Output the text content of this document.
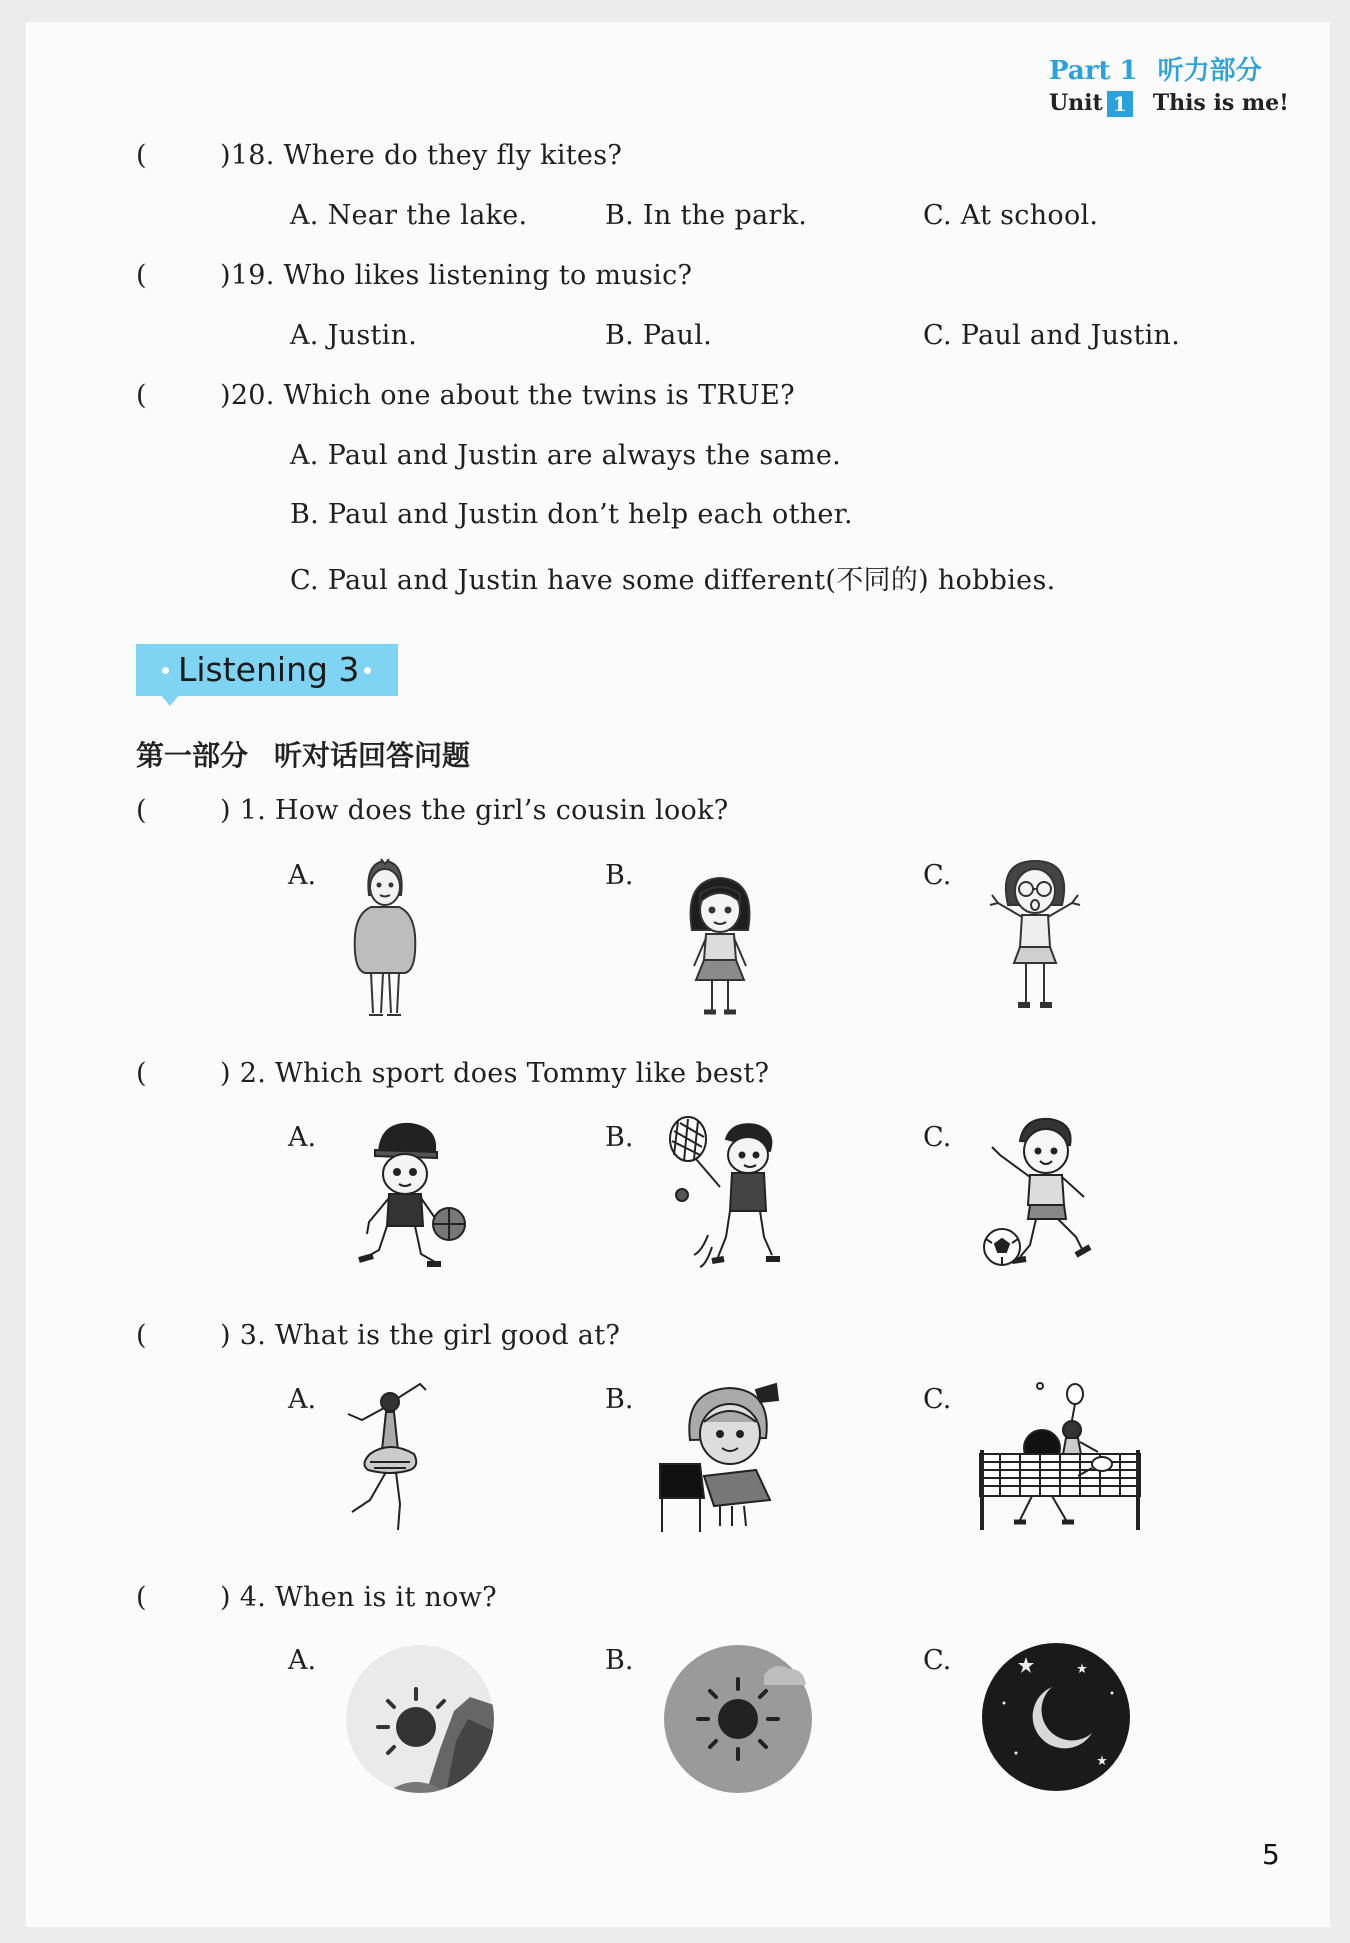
Part 1 听力部分
Unit 1 This is me!
(	)18. Where do they fly kites?
A. Near the lake.	B. In the park.	C. At school.
(	)19. Who likes listening to music?
A. Justin.	B. Paul.	C. Paul and Justin.
(	)20. Which one about the twins is TRUE?
A. Paul and Justin are always the same.
B. Paul and Justin don’t help each other.
C. Paul and Justin have some different(不同的) hobbies.
Listening 3
第一部分 听对话回答问题
(	) 1. How does the girl’s cousin look?
A.	B.	C.
(	) 2. Which sport does Tommy like best?
A.	B.	C.
(	) 3. What is the girl good at?
A.	B.	C.
(	) 4. When is it now?
A.	B.	C.
5
